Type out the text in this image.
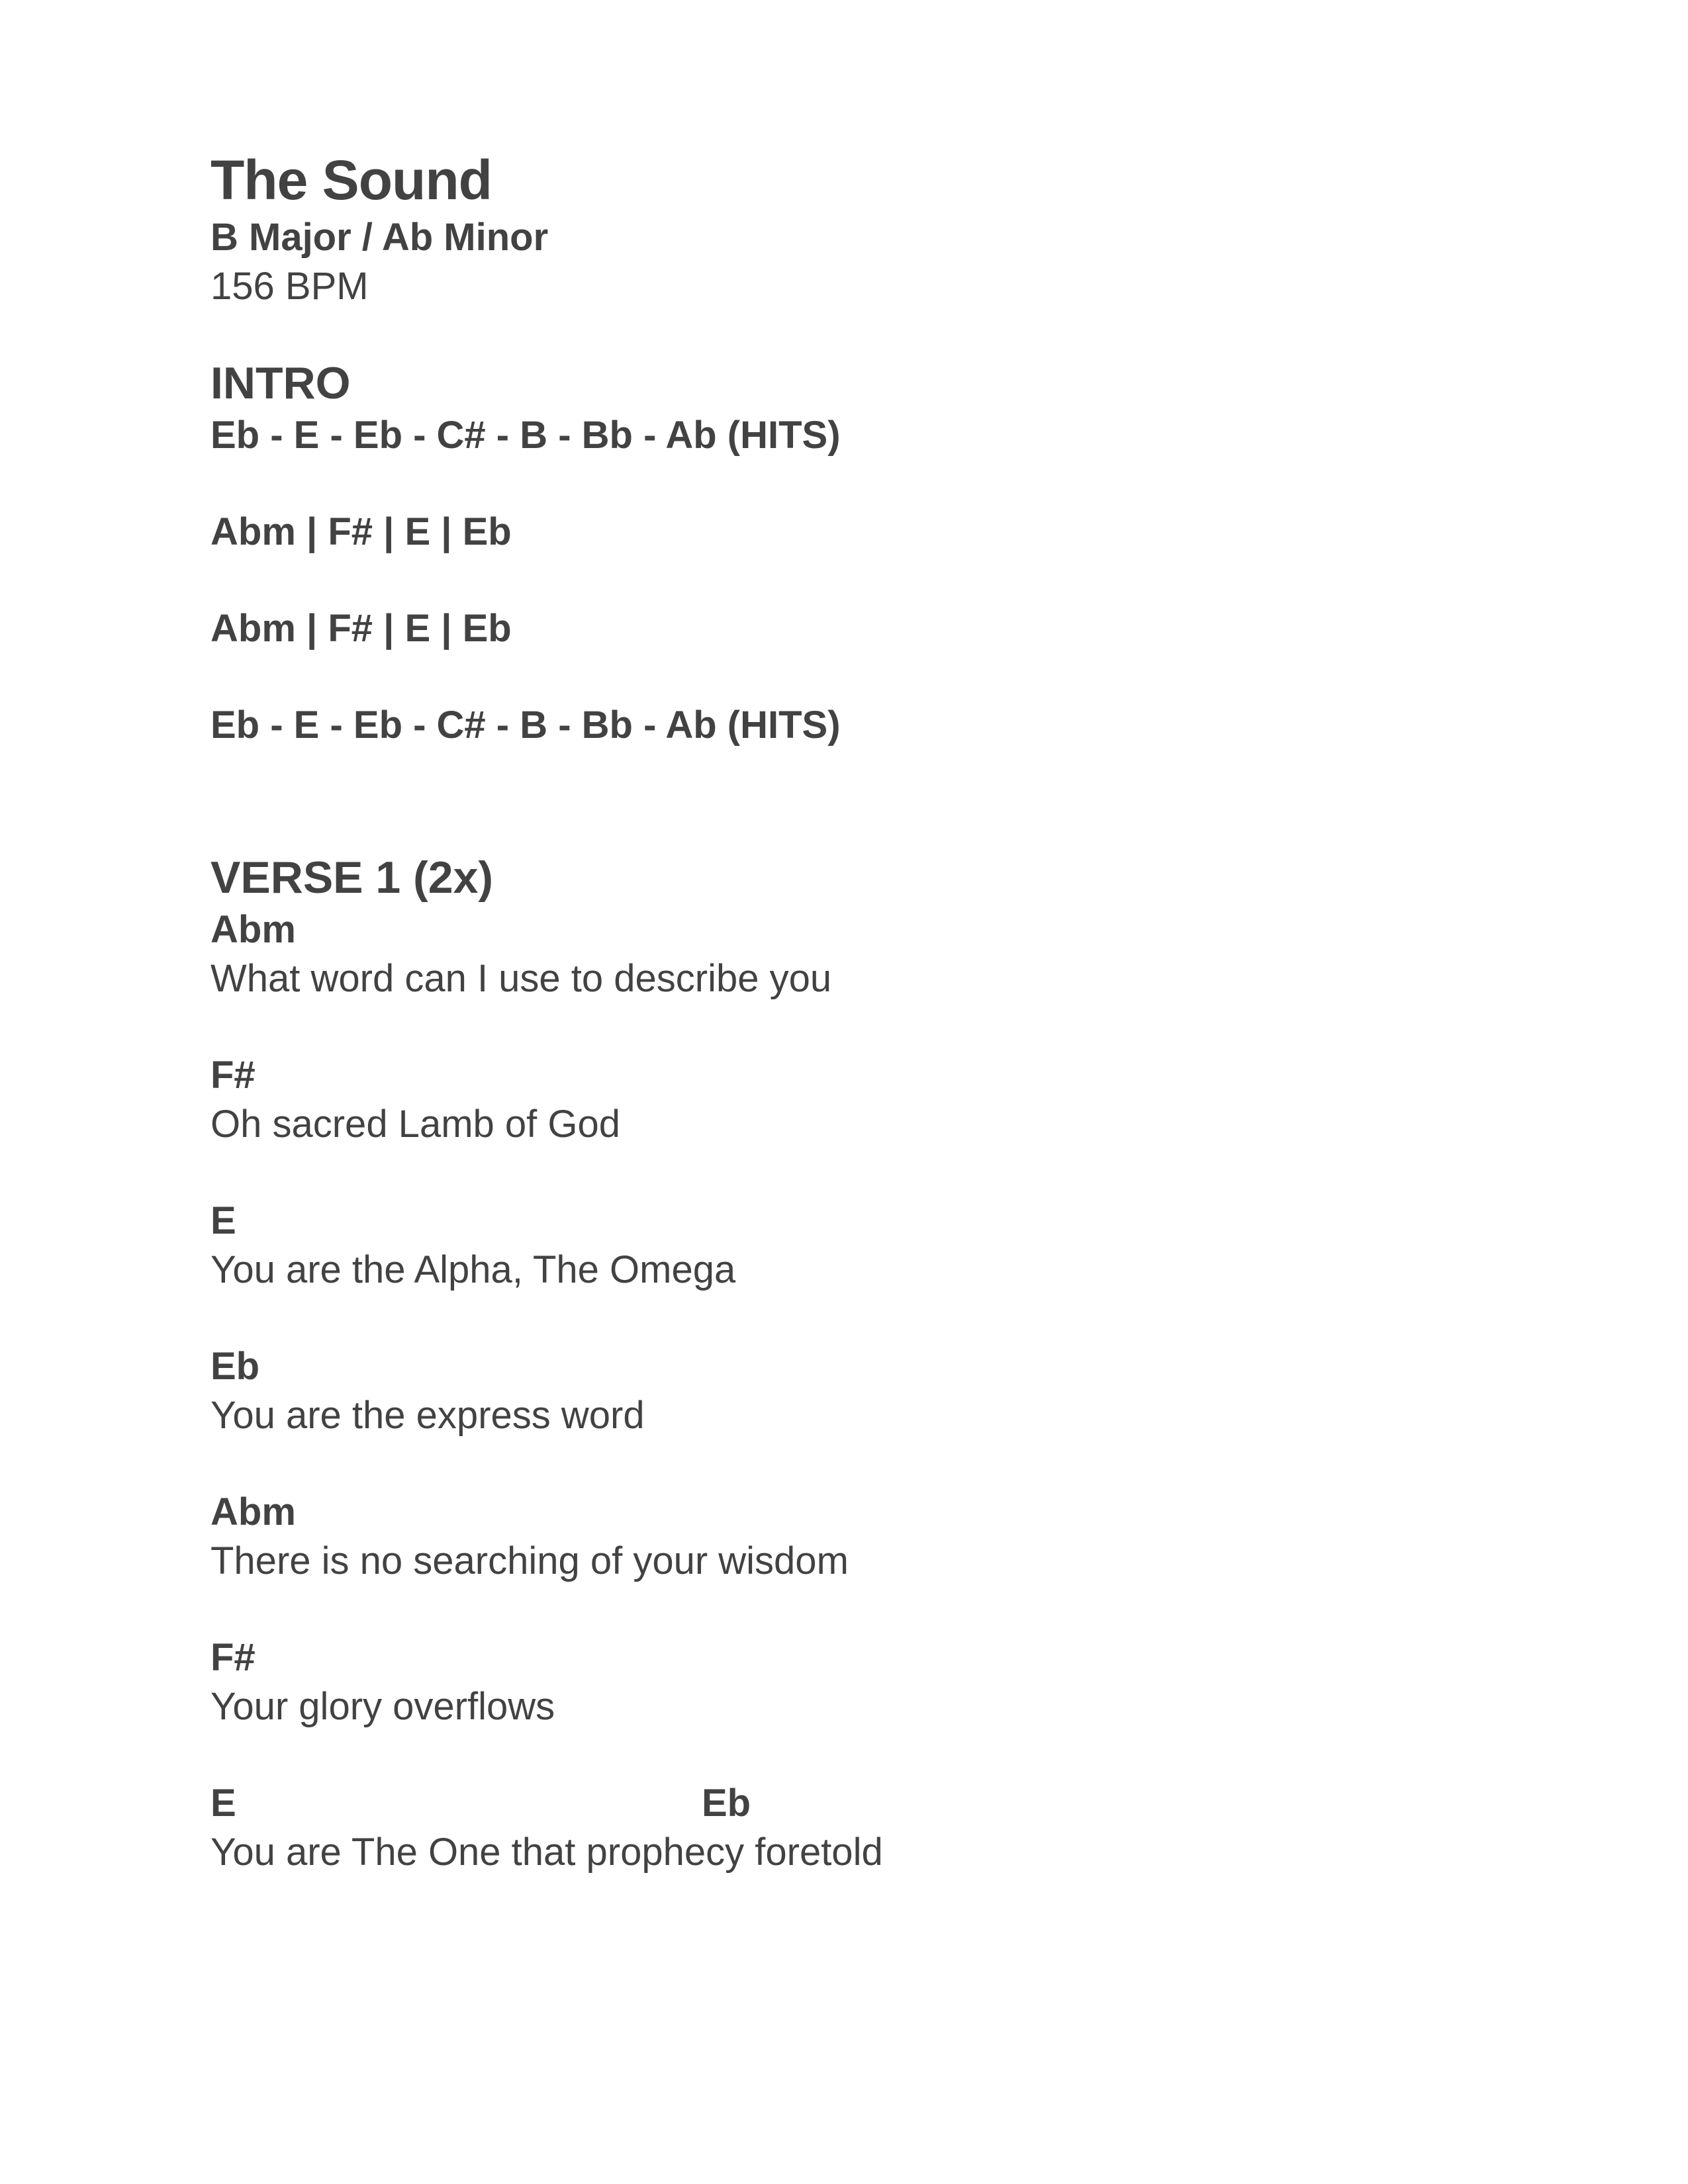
The Sound

B Major / Ab Minor

156 BPM

INTRO

Eb - E - Eb - C# - B - Bb - Ab (HITS)

Abm | F# | E | Eb

Abm | F# | E | Eb

Eb - E - Eb - C# - B - Bb - Ab (HITS)

VERSE 1 (2x)
Abm

What word can I use to describe you

F#

Oh sacred Lamb of God

E

You are the Alpha, The Omega

Eb

You are the express word

Abm

There is no searching of your wisdom

F#

Your glory overflows

E	Eb

You are The One that prophecy foretold
